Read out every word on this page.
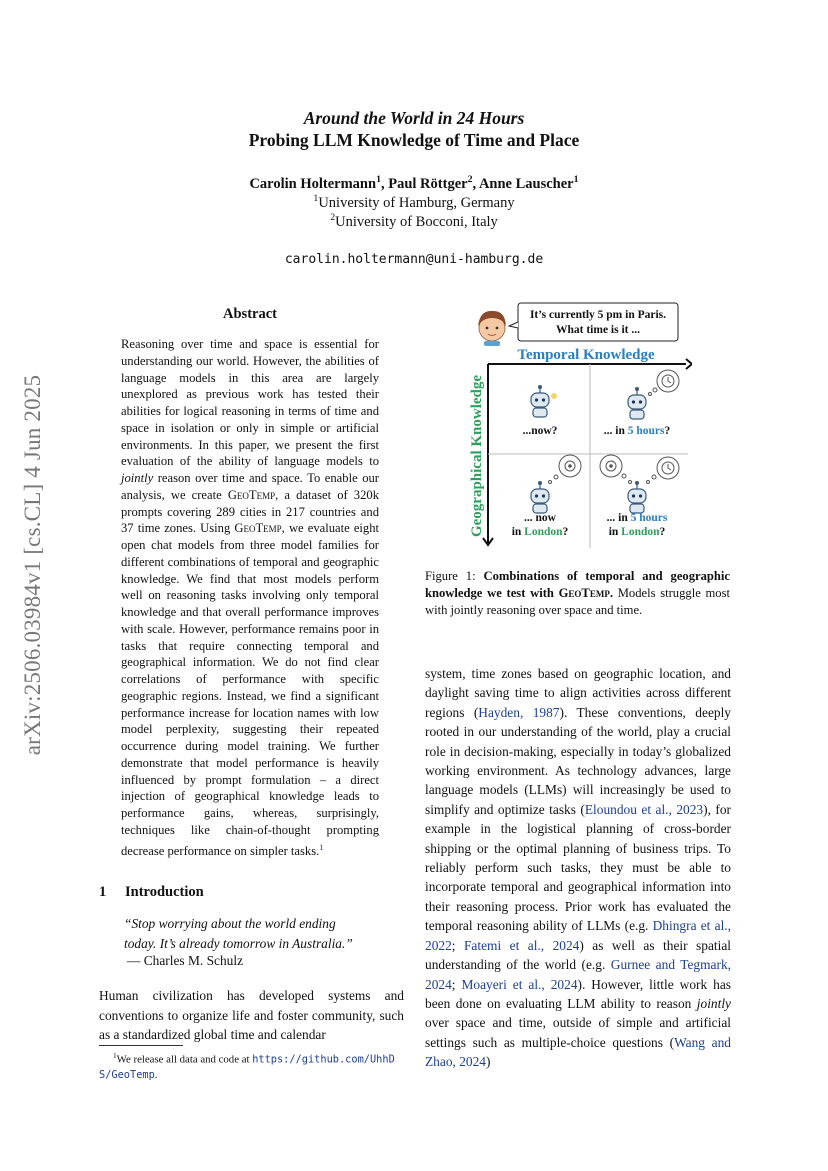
arXiv:2506.03984v1 [cs.CL] 4 Jun 2025
Around the World in 24 Hours
Probing LLM Knowledge of Time and Place
Carolin Holtermann$^1$, Paul Röttger$^2$, Anne Lauscher$^1$
$^1$University of Hamburg, Germany
$^2$University of Bocconi, Italy
carolin.holtermann@uni-hamburg.de
Abstract
Reasoning over time and space is essential for understanding our world. However, the abilities of language models in this area are largely unexplored as previous work has tested their abilities for logical reasoning in terms of time and space in isolation or only in simple or artificial environments. In this paper, we present the first evaluation of the ability of language models to jointly reason over time and space. To enable our analysis, we create GeoTemp, a dataset of 320k prompts covering 289 cities in 217 countries and 37 time zones. Using GeoTemp, we evaluate eight open chat models from three model families for different combinations of temporal and geographic knowledge. We find that most models perform well on reasoning tasks involving only temporal knowledge and that overall performance improves with scale. However, performance remains poor in tasks that require connecting temporal and geographical information. We do not find clear correlations of performance with specific geographic regions. Instead, we find a significant performance increase for location names with low model perplexity, suggesting their repeated occurrence during model training. We further demonstrate that model performance is heavily influenced by prompt formulation – a direct injection of geographical knowledge leads to performance gains, whereas, surprisingly, techniques like chain-of-thought prompting decrease performance on simpler tasks.$^1$
1 Introduction
“Stop worrying about the world ending
today. It’s already tomorrow in Australia.”
— Charles M. Schulz
Human civilization has developed systems and conventions to organize life and foster community, such as a standardized global time and calendar
$^1$We release all data and code at https://github.com/UhhDS/GeoTemp.
It’s currently 5 pm in Paris.
What time is it ...
Temporal Knowledge
Geographical Knowledge	...now?	... in 5 hours?
... now
in London?
... in 5 hours
in London?
Figure 1: Combinations of temporal and geographic knowledge we test with GeoTemp. Models struggle most with jointly reasoning over space and time.
system, time zones based on geographic location, and daylight saving time to align activities across different regions (Hayden, 1987). These conventions, deeply rooted in our understanding of the world, play a crucial role in decision-making, especially in today’s globalized working environment. As technology advances, large language models (LLMs) will increasingly be used to simplify and optimize tasks (Eloundou et al., 2023), for example in the logistical planning of cross-border shipping or the optimal planning of business trips. To reliably perform such tasks, they must be able to incorporate temporal and geographical information into their reasoning process. Prior work has evaluated the temporal reasoning ability of LLMs (e.g. Dhingra et al., 2022; Fatemi et al., 2024) as well as their spatial understanding of the world (e.g. Gurnee and Tegmark, 2024; Moayeri et al., 2024). However, little work has been done on evaluating LLM ability to reason jointly over space and time, outside of simple and artificial settings such as multiple-choice questions (Wang and Zhao, 2024)
